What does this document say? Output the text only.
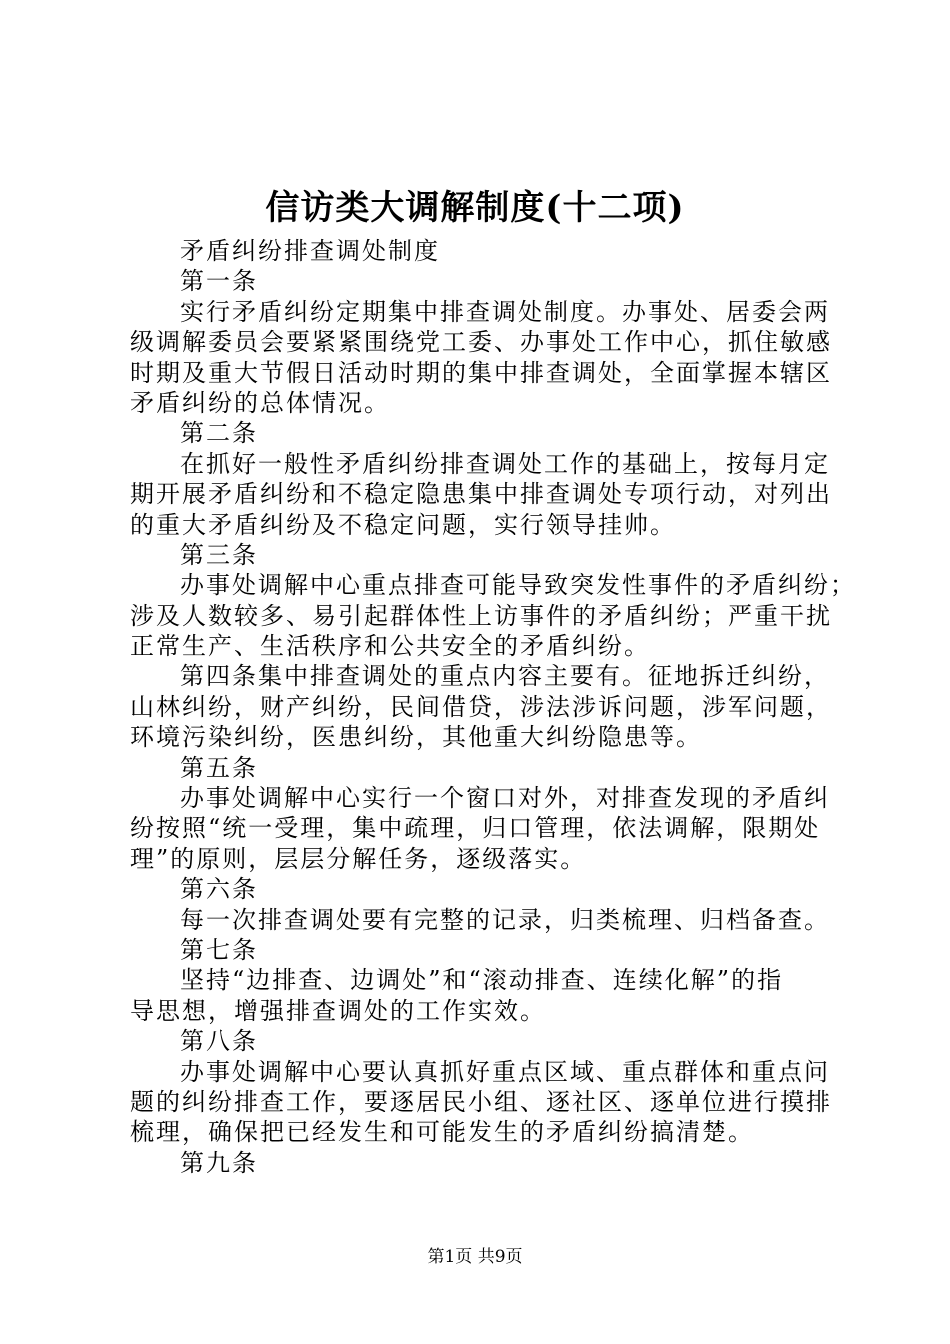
信访类大调解制度(十二项)
矛盾纠纷排查调处制度
第一条
实行矛盾纠纷定期集中排查调处制度。办事处、居委会两
级调解委员会要紧紧围绕党工委、办事处工作中心，抓住敏感
时期及重大节假日活动时期的集中排查调处，全面掌握本辖区
矛盾纠纷的总体情况。
第二条
在抓好一般性矛盾纠纷排查调处工作的基础上，按每月定
期开展矛盾纠纷和不稳定隐患集中排查调处专项行动，对列出
的重大矛盾纠纷及不稳定问题，实行领导挂帅。
第三条
办事处调解中心重点排查可能导致突发性事件的矛盾纠纷；
涉及人数较多、易引起群体性上访事件的矛盾纠纷；严重干扰
正常生产、生活秩序和公共安全的矛盾纠纷。
第四条集中排查调处的重点内容主要有。征地拆迁纠纷，
山林纠纷，财产纠纷，民间借贷，涉法涉诉问题，涉军问题，
环境污染纠纷，医患纠纷，其他重大纠纷隐患等。
第五条
办事处调解中心实行一个窗口对外，对排查发现的矛盾纠
纷按照“统一受理，集中疏理，归口管理，依法调解，限期处
理”的原则，层层分解任务，逐级落实。
第六条
每一次排查调处要有完整的记录，归类梳理、归档备查。
第七条
坚持“边排查、边调处”和“滚动排查、连续化解”的指
导思想，增强排查调处的工作实效。
第八条
办事处调解中心要认真抓好重点区域、重点群体和重点问
题的纠纷排查工作，要逐居民小组、逐社区、逐单位进行摸排
梳理，确保把已经发生和可能发生的矛盾纠纷搞清楚。
第九条
第1页 共9页
